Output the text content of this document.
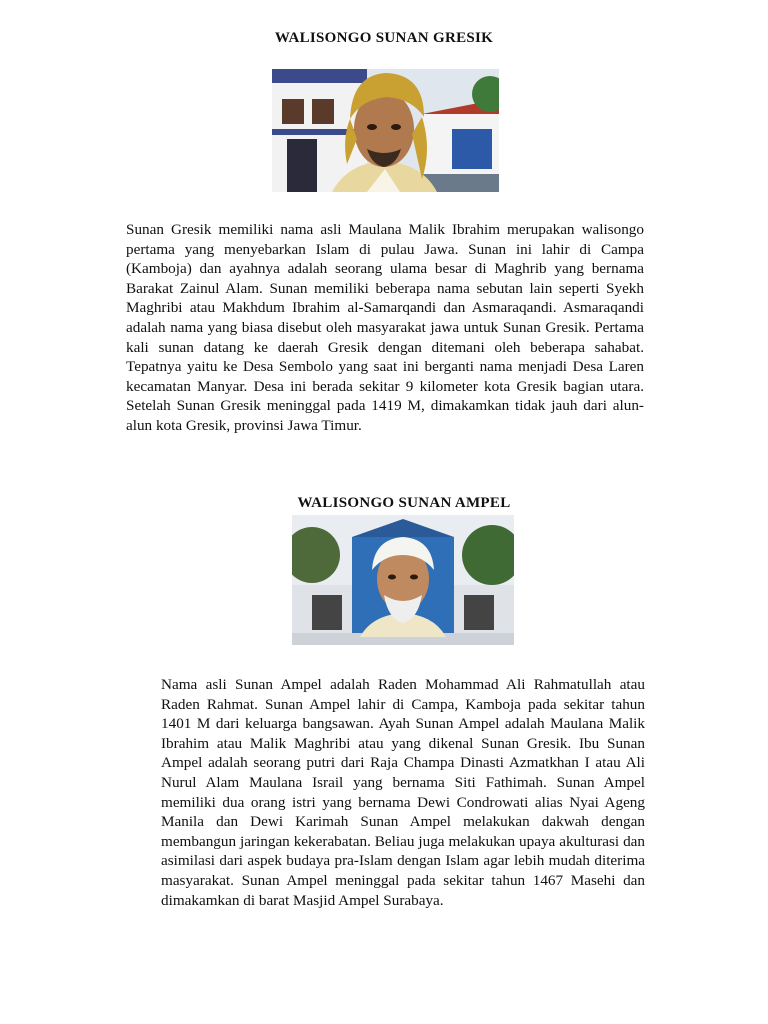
WALISONGO SUNAN GRESIK

Sunan Gresik memiliki nama asli Maulana Malik Ibrahim merupakan walisongo pertama yang menyebarkan Islam di pulau Jawa. Sunan ini lahir di Campa (Kamboja) dan ayahnya adalah seorang ulama besar di Maghrib yang bernama Barakat Zainul Alam. Sunan memiliki beberapa nama sebutan lain seperti Syekh Maghribi atau Makhdum Ibrahim al-Samarqandi dan Asmaraqandi. Asmaraqandi adalah nama yang biasa disebut oleh masyarakat jawa untuk Sunan Gresik. Pertama kali sunan datang ke daerah Gresik dengan ditemani oleh beberapa sahabat. Tepatnya yaitu ke Desa Sembolo yang saat ini berganti nama menjadi Desa Laren kecamatan Manyar. Desa ini berada sekitar 9 kilometer kota Gresik bagian utara. Setelah Sunan Gresik meninggal pada 1419 M, dimakamkan tidak jauh dari alun-alun kota Gresik, provinsi Jawa Timur.

WALISONGO SUNAN AMPEL

Nama asli Sunan Ampel adalah Raden Mohammad Ali Rahmatullah atau Raden Rahmat. Sunan Ampel lahir di Campa, Kamboja pada sekitar tahun 1401 M dari keluarga bangsawan. Ayah Sunan Ampel adalah Maulana Malik Ibrahim atau Malik Maghribi atau yang dikenal Sunan Gresik. Ibu Sunan Ampel adalah seorang putri dari Raja Champa Dinasti Azmatkhan I atau Ali Nurul Alam Maulana Israil yang bernama Siti Fathimah. Sunan Ampel memiliki dua orang istri yang bernama Dewi Condrowati alias Nyai Ageng Manila dan Dewi Karimah Sunan Ampel melakukan dakwah dengan membangun jaringan kekerabatan. Beliau juga melakukan upaya akulturasi dan asimilasi dari aspek budaya pra-Islam dengan Islam agar lebih mudah diterima masyarakat. Sunan Ampel meninggal pada sekitar tahun 1467 Masehi dan dimakamkan di barat Masjid Ampel Surabaya.
